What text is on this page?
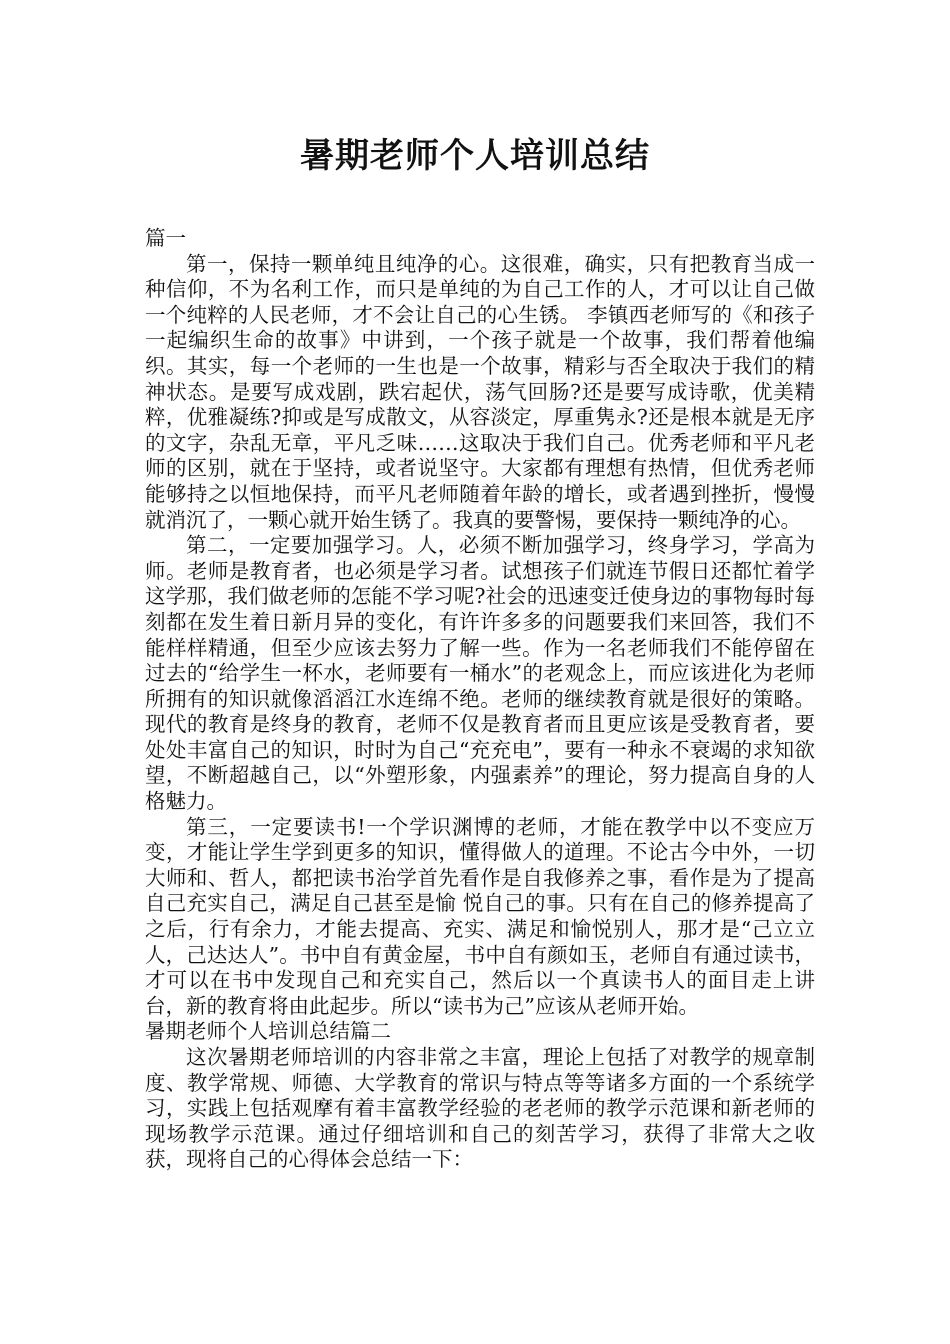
暑期老师个人培训总结

篇一

第一，保持一颗单纯且纯净的心。这很难，确实，只有把教育当成一种信仰，不为名利工作，而只是单纯的为自己工作的人，才可以让自己做一个纯粹的人民老师，才不会让自己的心生锈。 李镇西老师写的《和孩子一起编织生命的故事》中讲到，一个孩子就是一个故事，我们帮着他编织。其实，每一个老师的一生也是一个故事，精彩与否全取决于我们的精神状态。是要写成戏剧，跌宕起伏，荡气回肠?还是要写成诗歌，优美精粹，优雅凝练?抑或是写成散文，从容淡定，厚重隽永?还是根本就是无序的文字，杂乱无章，平凡乏味……这取决于我们自己。优秀老师和平凡老师的区别，就在于坚持，或者说坚守。大家都有理想有热情，但优秀老师能够持之以恒地保持，而平凡老师随着年龄的增长，或者遇到挫折，慢慢就消沉了，一颗心就开始生锈了。我真的要警惕，要保持一颗纯净的心。

第二，一定要加强学习。人，必须不断加强学习，终身学习，学高为师。老师是教育者，也必须是学习者。试想孩子们就连节假日还都忙着学这学那，我们做老师的怎能不学习呢?社会的迅速变迁使身边的事物每时每刻都在发生着日新月异的变化，有许许多多的问题要我们来回答，我们不能样样精通，但至少应该去努力了解一些。作为一名老师我们不能停留在过去的“给学生一杯水，老师要有一桶水”的老观念上，而应该进化为老师所拥有的知识就像滔滔江水连绵不绝。老师的继续教育就是很好的策略。现代的教育是终身的教育，老师不仅是教育者而且更应该是受教育者，要处处丰富自己的知识，时时为自己“充充电”，要有一种永不衰竭的求知欲望，不断超越自己，以“外塑形象，内强素养”的理论，努力提高自身的人格魅力。

第三，一定要读书!一个学识渊博的老师，才能在教学中以不变应万变，才能让学生学到更多的知识，懂得做人的道理。不论古今中外，一切大师和、哲人，都把读书治学首先看作是自我修养之事，看作是为了提高自己充实自己，满足自己甚至是愉 悦自己的事。只有在自己的修养提高了之后，行有余力，才能去提高、充实、满足和愉悦别人，那才是“己立立人，己达达人”。书中自有黄金屋，书中自有颜如玉，老师自有通过读书，才可以在书中发现自己和充实自己，然后以一个真读书人的面目走上讲台，新的教育将由此起步。所以“读书为己”应该从老师开始。

暑期老师个人培训总结篇二

这次暑期老师培训的内容非常之丰富，理论上包括了对教学的规章制度、教学常规、师德、大学教育的常识与特点等等诸多方面的一个系统学习，实践上包括观摩有着丰富教学经验的老老师的教学示范课和新老师的现场教学示范课。通过仔细培训和自己的刻苦学习，获得了非常大之收获，现将自己的心得体会总结一下：
